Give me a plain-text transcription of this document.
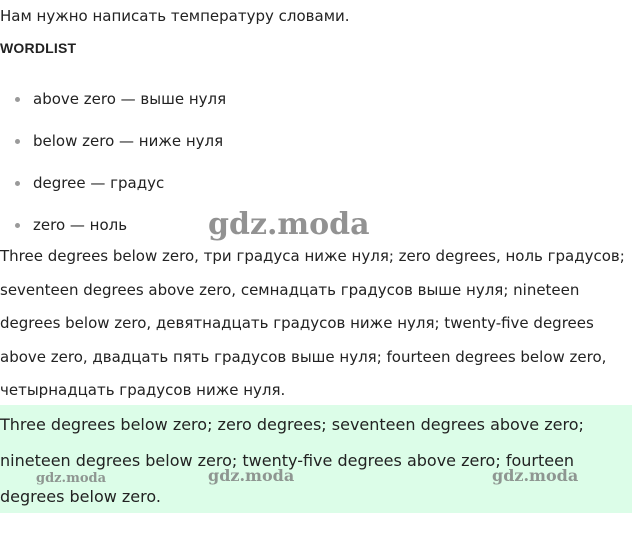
Нам нужно написать температуру словами.
WORDLIST
above zero — выше нуля
below zero — ниже нуля
degree — градус
zero — ноль

Three degrees below zero, три градуса ниже нуля; zero degrees, ноль градусов; seventeen degrees above zero, семнадцать градусов выше нуля; nineteen degrees below zero, девятнадцать градусов ниже нуля; twenty-five degrees above zero, двадцать пять градусов выше нуля; fourteen degrees below zero, четырнадцать градусов ниже нуля.

Three degrees below zero; zero degrees; seventeen degrees above zero; nineteen degrees below zero; twenty-five degrees above zero; fourteen degrees below zero.
gdz.moda
gdz.moda	gdz.moda	gdz.moda
